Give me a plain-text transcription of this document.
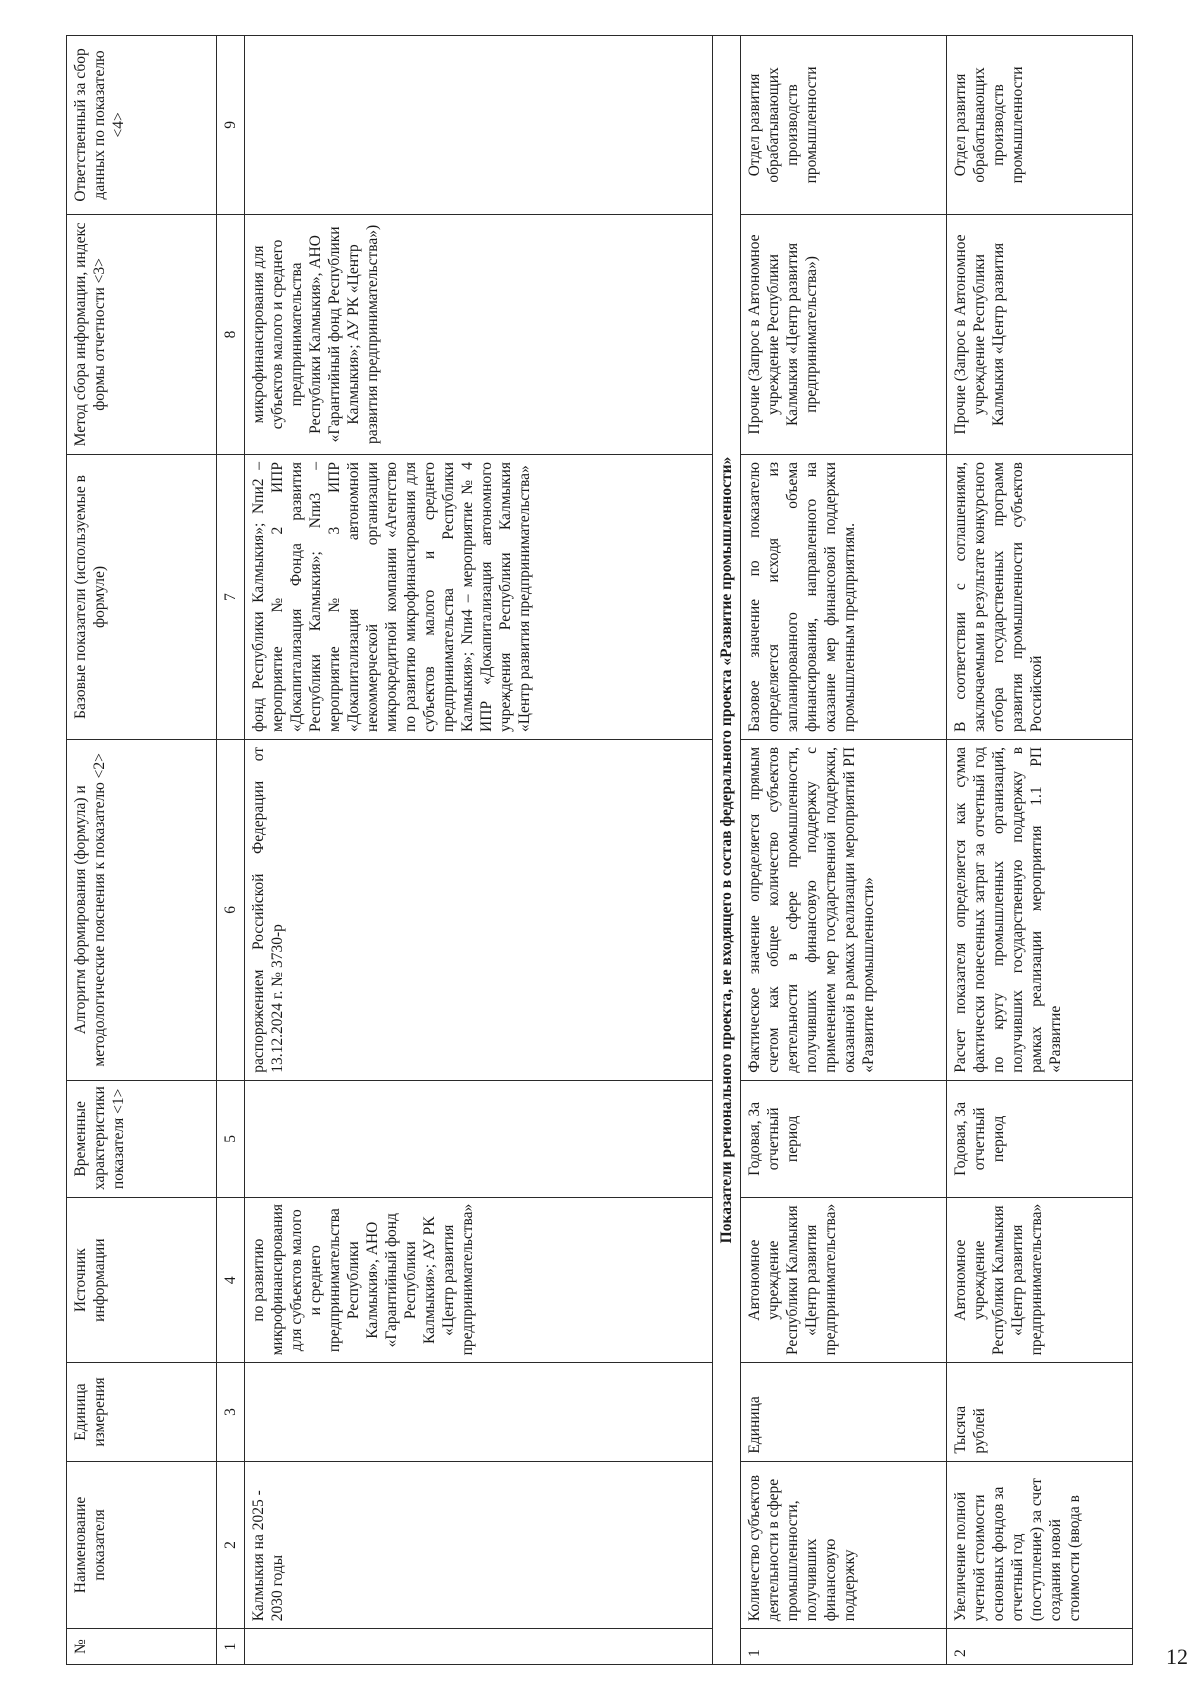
№	Наименование показателя	Единица измерения	Источник информации	Временные характеристики показателя <1>	Алгоритм формирования (формула) и методологические пояснения к показателю <2>	Базовые показатели (используемые в формуле)	Метод сбора информации, индекс формы отчетности <3>	Ответственный за сбор данных по показателю <4>
1	2	3	4	5	6	7	8	9
	Калмыкия на 2025 - 2030 годы		по развитию микрофинансирования для субъектов малого и среднего предпринимательства Республики Калмыкия», АНО «Гарантийный фонд Республики Калмыкия»; АУ РК «Центр развития предпринимательства»		распоряжением Российской Федерации от 13.12.2024 г. № 3730-р	фонд Республики Калмыкия»; Nпи2 – мероприятие № 2 ИПР «Докапитализация Фонда развития Республики Калмыкия»; Nпи3 – мероприятие № 3 ИПР «Докапитализация автономной некоммерческой организации микрокредитной компании «Агентство по развитию микрофинансирования для субъектов малого и среднего предпринимательства Республики Калмыкия»; Nпи4 – мероприятие № 4 ИПР «Докапитализация автономного учреждения Республики Калмыкия «Центр развития предпринимательства»	микрофинансирования для субъектов малого и среднего предпринимательства Республики Калмыкия», АНО «Гарантийный фонд Республики Калмыкия»; АУ РК «Центр развития предпринимательства»)	
Показатели регионального проекта, не входящего в состав федерального проекта «Развитие промышленности»								
1	Количество субъектов деятельности в сфере промышленности, получивших финансовую поддержку	Единица	Автономное учреждение Республики Калмыкия «Центр развития предпринимательства»	Годовая, За отчетный период	Фактическое значение определяется прямым счетом как общее количество субъектов деятельности в сфере промышленности, получивших финансовую поддержку с применением мер государственной поддержки, оказанной в рамках реализации мероприятий РП «Развитие промышленности»	Базовое значение по показателю определяется исходя из запланированного объема финансирования, направленного на оказание мер финансовой поддержки промышленным предприятиям.	Прочие (Запрос в Автономное учреждение Республики Калмыкия «Центр развития предпринимательства»)	Отдел развития обрабатывающих производств промышленности
2	Увеличение полной учетной стоимости основных фондов за отчетный год (поступление) за счет создания новой стоимости (ввода в	Тысяча рублей	Автономное учреждение Республики Калмыкия «Центр развития предпринимательства»	Годовая, За отчетный период	Расчет показателя определяется как сумма фактически понесенных затрат за отчетный год по кругу промышленных организаций, получивших государственную поддержку в рамках реализации мероприятия 1.1 РП «Развитие	В соответствии с соглашениями, заключаемыми в результате конкурсного отбора государственных программ развития промышленности субъектов Российской	Прочие (Запрос в Автономное учреждение Республики Калмыкия «Центр развития	Отдел развития обрабатывающих производств промышленности
12
